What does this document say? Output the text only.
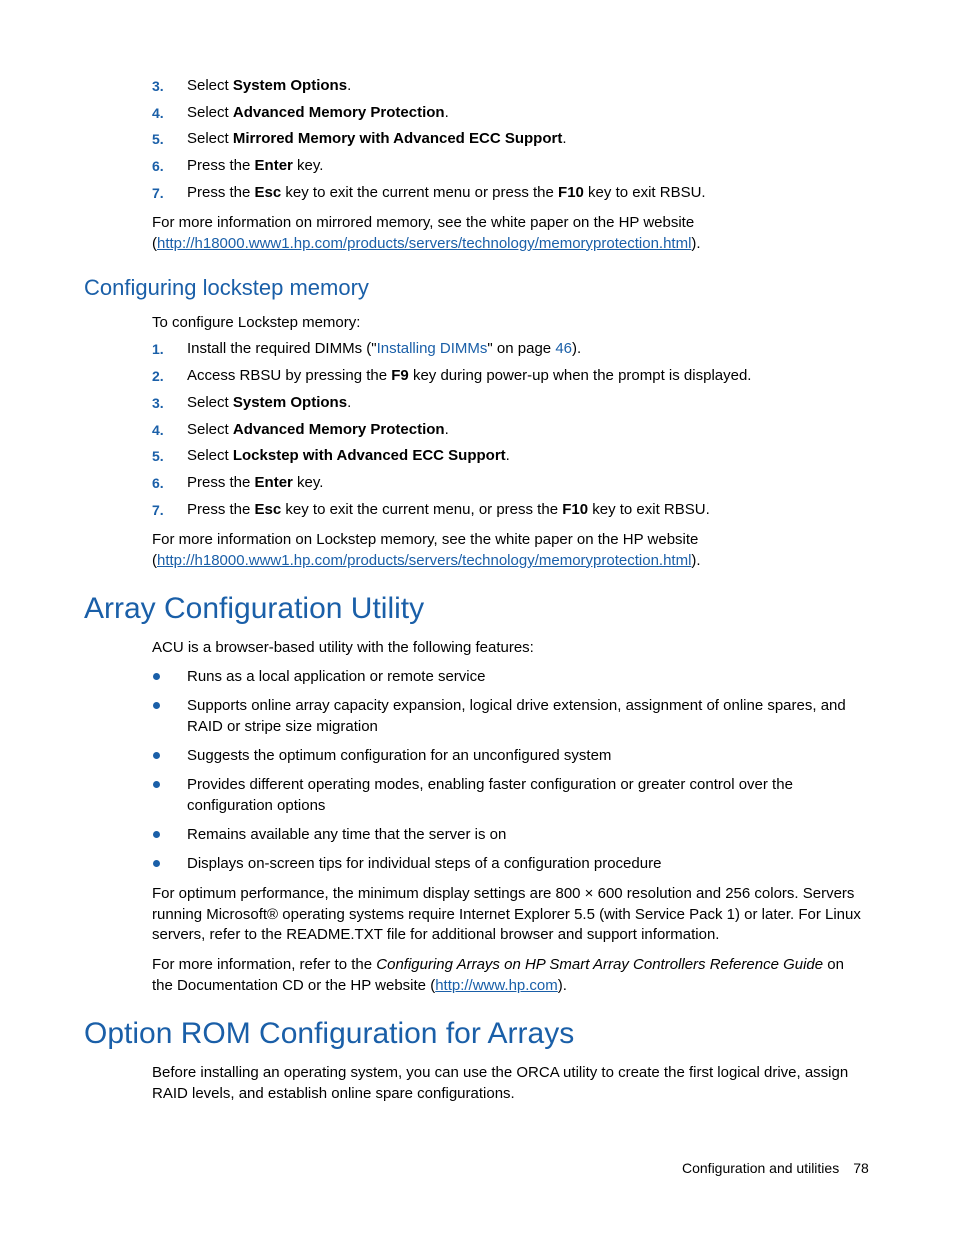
3. Select System Options.
4. Select Advanced Memory Protection.
5. Select Mirrored Memory with Advanced ECC Support.
6. Press the Enter key.
7. Press the Esc key to exit the current menu or press the F10 key to exit RBSU.
For more information on mirrored memory, see the white paper on the HP website
(http://h18000.www1.hp.com/products/servers/technology/memoryprotection.html).
Configuring lockstep memory
To configure Lockstep memory:
1. Install the required DIMMs ("Installing DIMMs" on page 46).
2. Access RBSU by pressing the F9 key during power-up when the prompt is displayed.
3. Select System Options.
4. Select Advanced Memory Protection.
5. Select Lockstep with Advanced ECC Support.
6. Press the Enter key.
7. Press the Esc key to exit the current menu, or press the F10 key to exit RBSU.
For more information on Lockstep memory, see the white paper on the HP website
(http://h18000.www1.hp.com/products/servers/technology/memoryprotection.html).
Array Configuration Utility
ACU is a browser-based utility with the following features:
Runs as a local application or remote service
Supports online array capacity expansion, logical drive extension, assignment of online spares, and RAID or stripe size migration
Suggests the optimum configuration for an unconfigured system
Provides different operating modes, enabling faster configuration or greater control over the configuration options
Remains available any time that the server is on
Displays on-screen tips for individual steps of a configuration procedure
For optimum performance, the minimum display settings are 800 × 600 resolution and 256 colors. Servers running Microsoft® operating systems require Internet Explorer 5.5 (with Service Pack 1) or later. For Linux servers, refer to the README.TXT file for additional browser and support information.
For more information, refer to the Configuring Arrays on HP Smart Array Controllers Reference Guide on the Documentation CD or the HP website (http://www.hp.com).
Option ROM Configuration for Arrays
Before installing an operating system, you can use the ORCA utility to create the first logical drive, assign RAID levels, and establish online spare configurations.
Configuration and utilities 78
